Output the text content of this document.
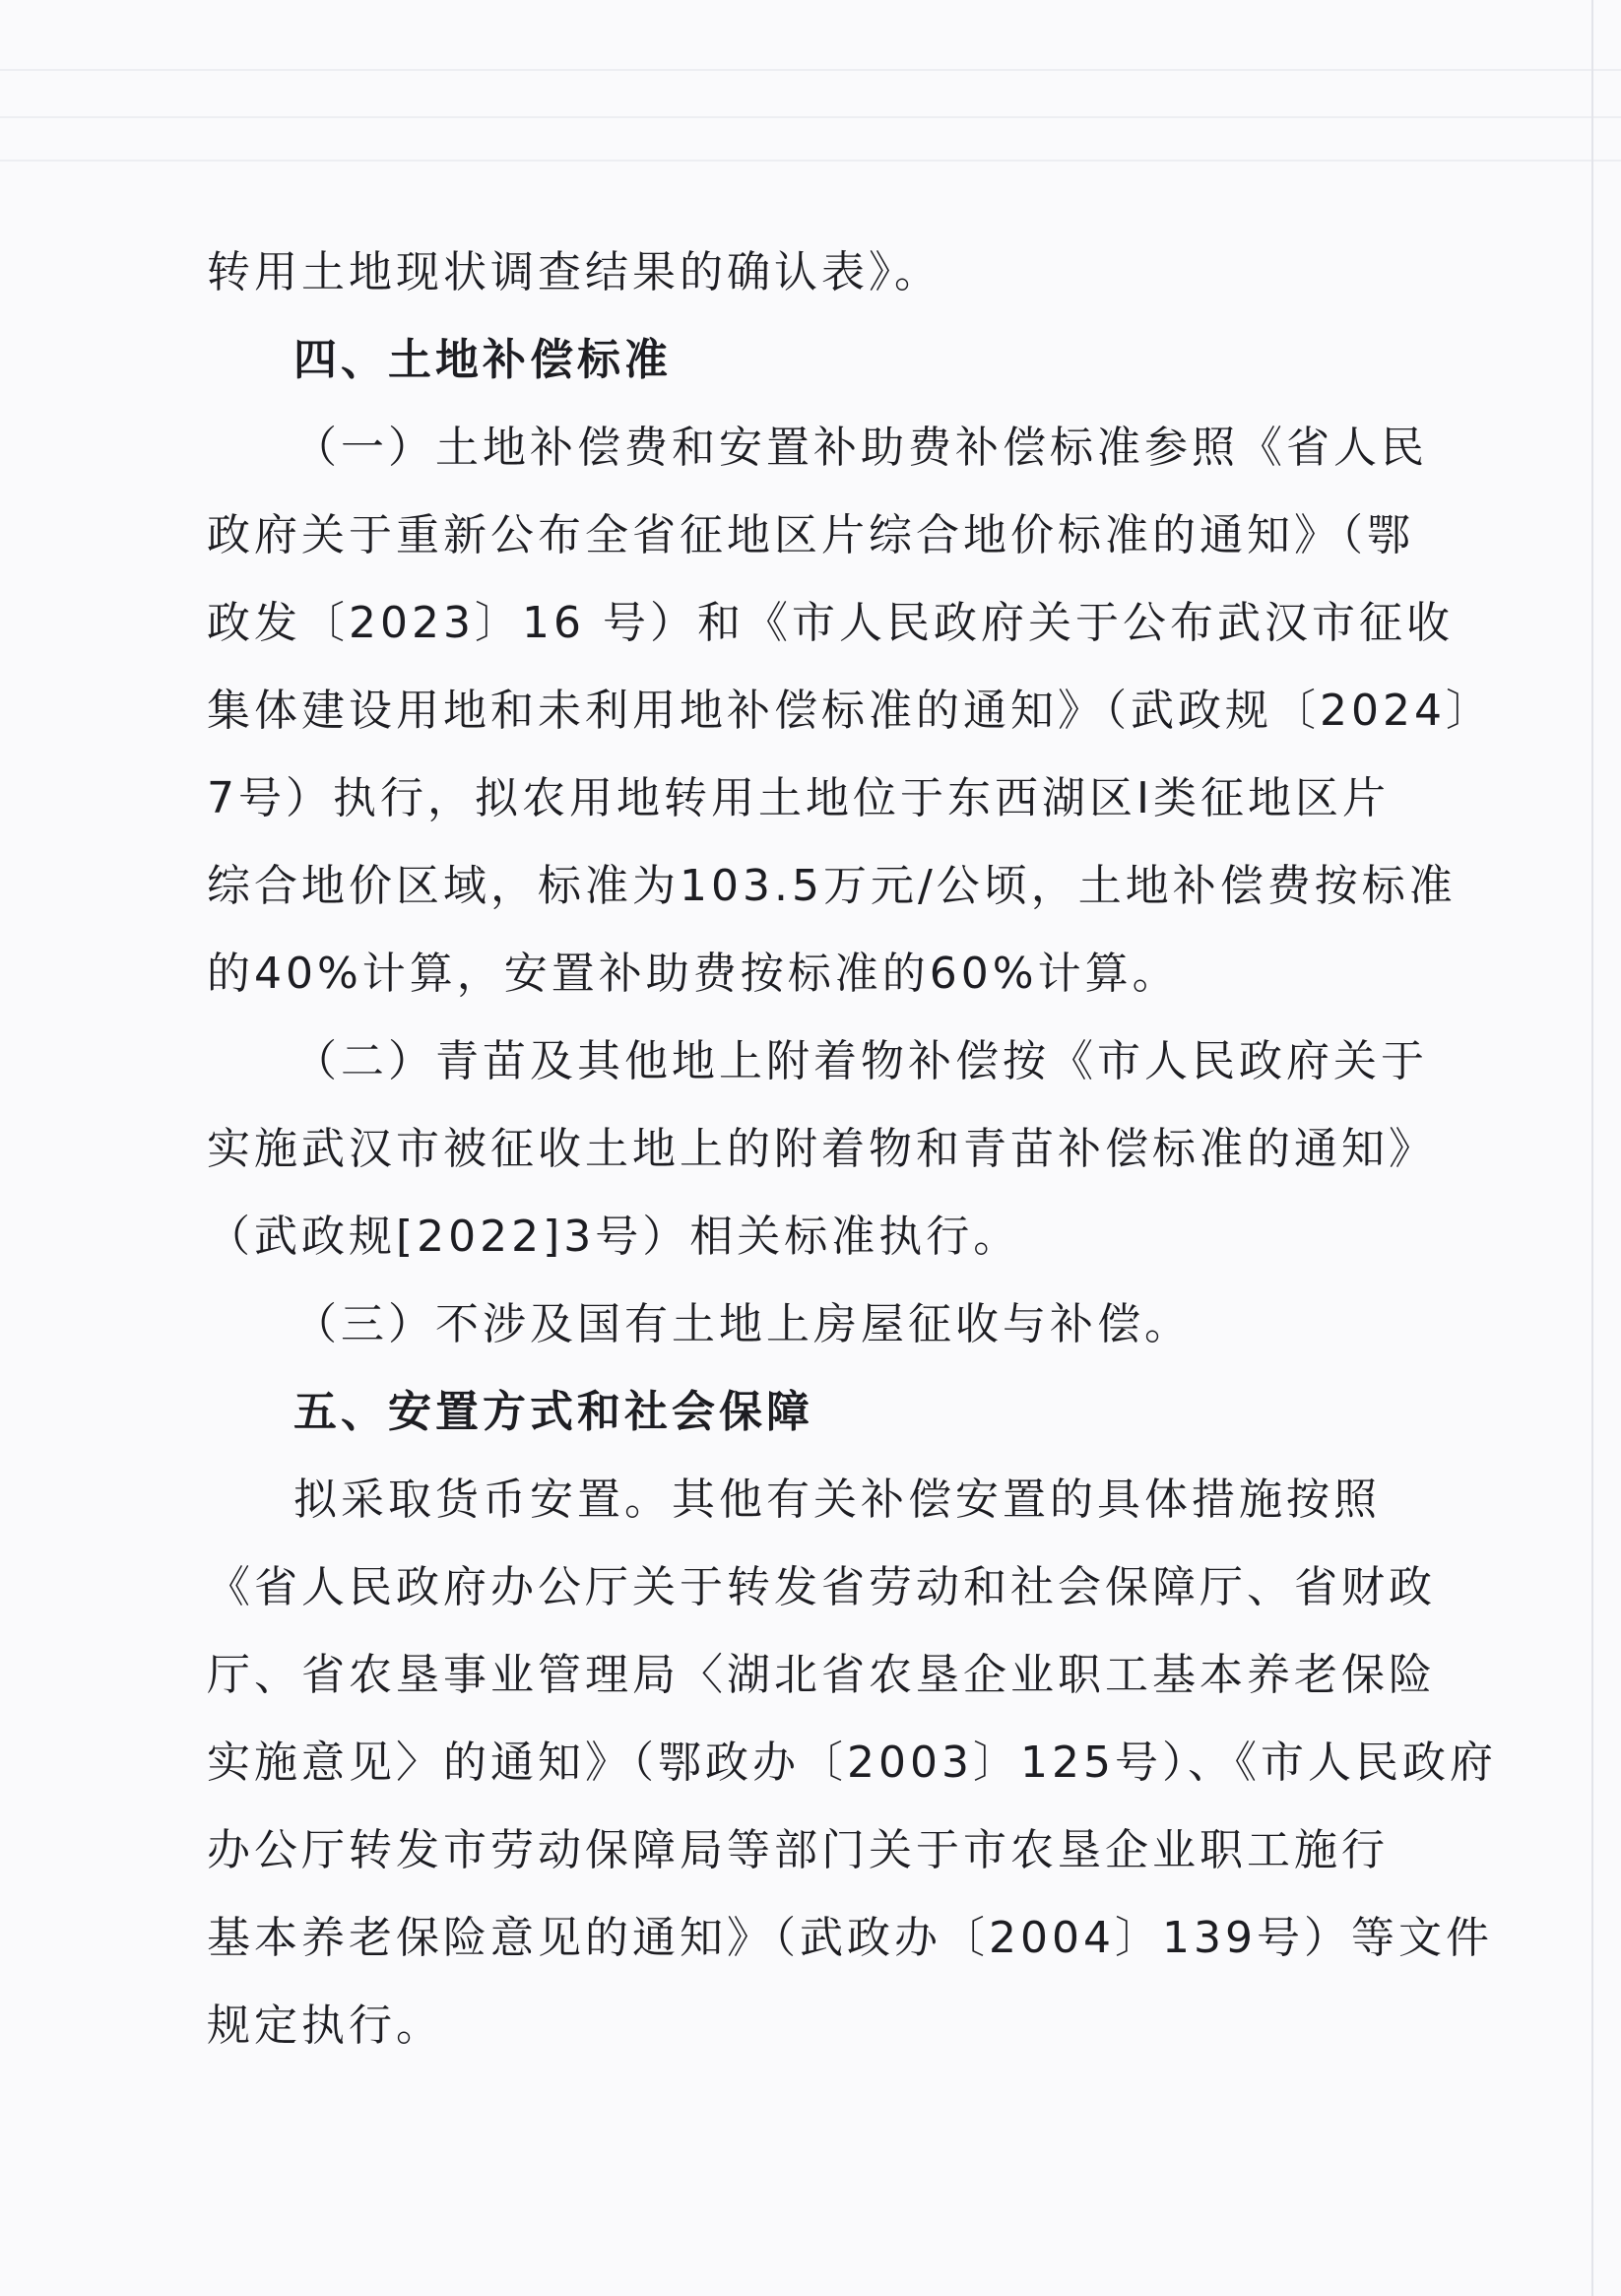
转用土地现状调查结果的确认表》。

四、土地补偿标准

（一）土地补偿费和安置补助费补偿标准参照《省人民

政府关于重新公布全省征地区片综合地价标准的通知》（鄂

政发〔2023〕16 号）和《市人民政府关于公布武汉市征收

集体建设用地和未利用地补偿标准的通知》（武政规〔2024〕

7号）执行，拟农用地转用土地位于东西湖区Ⅰ类征地区片

综合地价区域，标准为103.5万元/公顷，土地补偿费按标准

的40%计算，安置补助费按标准的60%计算。

（二）青苗及其他地上附着物补偿按《市人民政府关于

实施武汉市被征收土地上的附着物和青苗补偿标准的通知》

（武政规[2022]3号）相关标准执行。

（三）不涉及国有土地上房屋征收与补偿。

五、安置方式和社会保障

拟采取货币安置。其他有关补偿安置的具体措施按照

《省人民政府办公厅关于转发省劳动和社会保障厅、省财政

厅、省农垦事业管理局〈湖北省农垦企业职工基本养老保险

实施意见〉的通知》（鄂政办〔2003〕125号）、《市人民政府

办公厅转发市劳动保障局等部门关于市农垦企业职工施行

基本养老保险意见的通知》（武政办〔2004〕139号）等文件

规定执行。
